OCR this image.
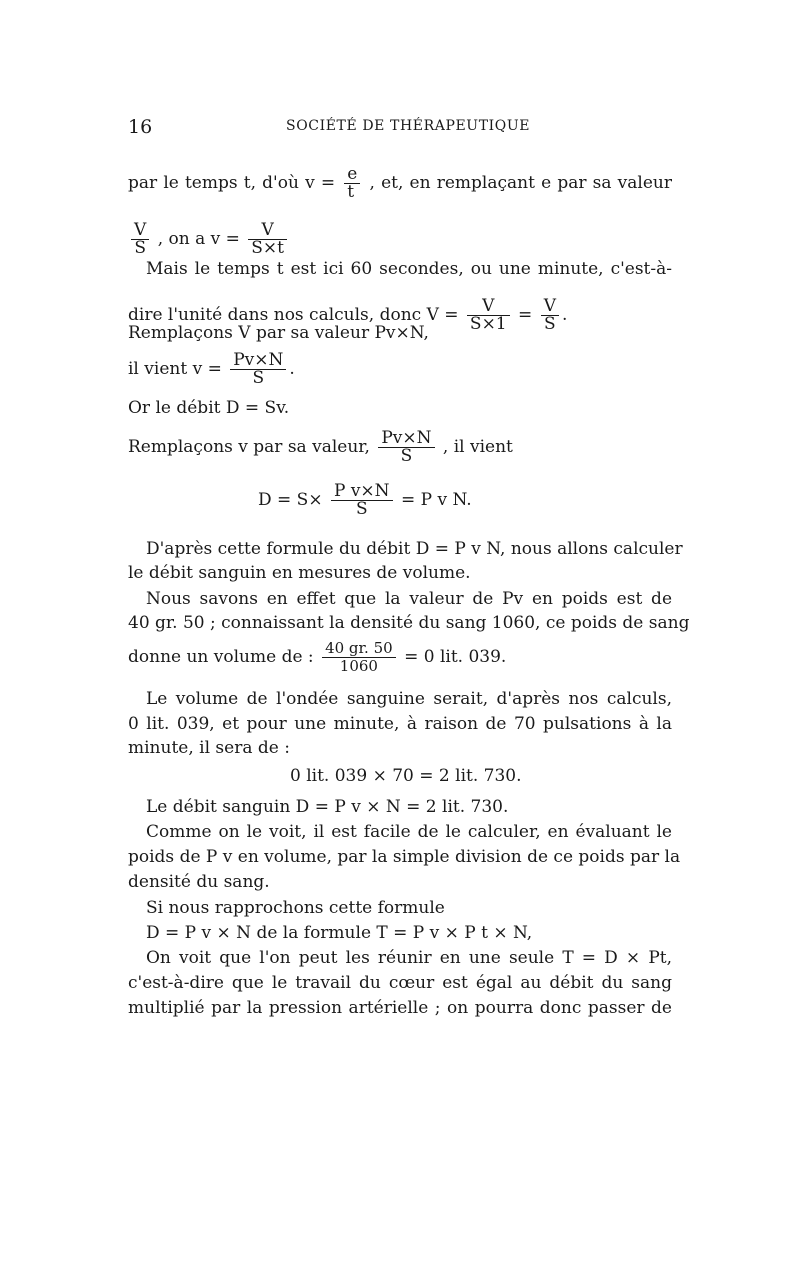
16	SOCIÉTÉ DE THÉRAPEUTIQUE
par le temps t, d'où $v = \frac{e}{t}$ , et, en remplaçant e par sa valeur
$\frac{V}{S}$ , on a $v = \frac{V}{S\times t}$
Mais le temps t est ici 60 secondes, ou une minute, c'est-à-
dire l'unité dans nos calculs, donc $V = \frac{V}{S\times 1} = \frac{V}{S}$ .
Remplaçons V par sa valeur Pv×N,
il vient $v = \frac{Pv\times N}{S}$ .
Or le débit D = Sv.
Remplaçons v par sa valeur, $\frac{Pv\times N}{S}$ , il vient
$D = S\times \frac{\text{P v×N}}{S} = P$ v N.
D'après cette formule du débit D = P v N, nous allons calculer
le débit sanguin en mesures de volume.
Nous savons en effet que la valeur de Pv en poids est de
40 gr. 50 ; connaissant la densité du sang 1060, ce poids de sang
donne un volume de : $\frac{40 gr. 50}{1060} = 0$ lit. 039.
Le volume de l'ondée sanguine serait, d'après nos calculs,
0 lit. 039, et pour une minute, à raison de 70 pulsations à la
minute, il sera de :
0 lit. 039 × 70 = 2 lit. 730.
Le débit sanguin D = P v × N = 2 lit. 730.
Comme on le voit, il est facile de le calculer, en évaluant le
poids de P v en volume, par la simple division de ce poids par la
densité du sang.
Si nous rapprochons cette formule
D = P v × N de la formule T = P v × P t × N,
On voit que l'on peut les réunir en une seule T = D × Pt,
c'est-à-dire que le travail du cœur est égal au débit du sang
multiplié par la pression artérielle ; on pourra donc passer de
